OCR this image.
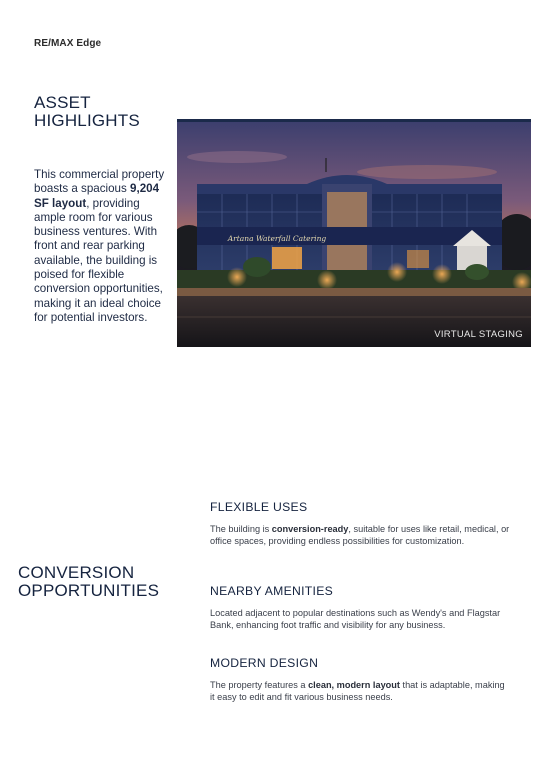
RE/MAX Edge
ASSET
HIGHLIGHTS
This commercial property boasts a spacious 9,204 SF layout, providing ample room for various business ventures. With front and rear parking available, the building is poised for flexible conversion opportunities, making it an ideal choice for potential investors.
Artana Waterfall Catering
VIRTUAL STAGING
CONVERSION
OPPORTUNITIES
FLEXIBLE USES

The building is conversion-ready, suitable for uses like retail, medical, or office spaces, providing endless possibilities for customization.

NEARBY AMENITIES

Located adjacent to popular destinations such as Wendy's and Flagstar Bank, enhancing foot traffic and visibility for any business.

MODERN DESIGN

The property features a clean, modern layout that is adaptable, making it easy to edit and fit various business needs.
